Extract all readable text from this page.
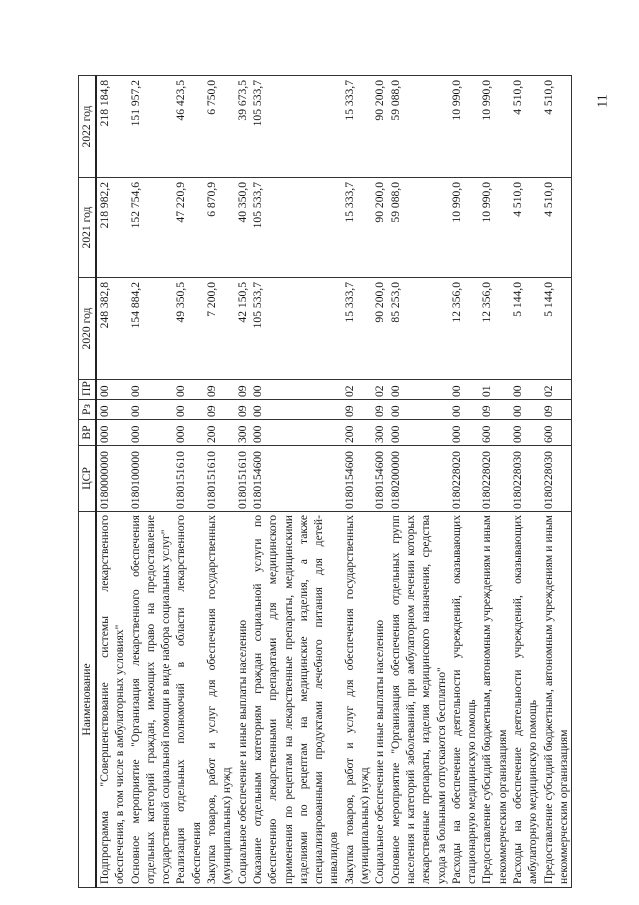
11
Наименование	ЦСР	ВР	Рз	ПР	2020 год	2021 год	2022 год
Подпрограмма "Совершенствование системы лекарственного обеспечения, в том числе в амбулаторных условиях"	0180000000	000	00	00	248 382,8	218 982,2	218 184,8
Основное мероприятие "Организация лекарственного обеспечения отдельных категорий граждан, имеющих право на предоставление государственной социальной помощи в виде набора социальных услуг"	0180100000	000	00	00	154 884,2	152 754,6	151 957,2
Реализация отдельных полномочий в области лекарственного обеспечения	0180151610	000	00	00	49 350,5	47 220,9	46 423,5
Закупка товаров, работ и услуг для обеспечения государственных (муниципальных) нужд	0180151610	200	09	09	7 200,0	6 870,9	6 750,0
Социальное обеспечение и иные выплаты населению	0180151610	300	09	09	42 150,5	40 350,0	39 673,5
Оказание отдельным категориям граждан социальной услуги по обеспечению лекарственными препаратами для медицинского применения по рецептам на лекарственные препараты, медицинскими изделиями по рецептам на медицинские изделия, а также специализированными продуктами лечебного питания для детей-инвалидов	0180154600	000	00	00	105 533,7	105 533,7	105 533,7
Закупка товаров, работ и услуг для обеспечения государственных (муниципальных) нужд	0180154600	200	09	02	15 333,7	15 333,7	15 333,7
Социальное обеспечение и иные выплаты населению	0180154600	300	09	02	90 200,0	90 200,0	90 200,0
Основное мероприятие "Организация обеспечения отдельных групп населения и категорий заболеваний, при амбулаторном лечении которых лекарственные препараты, изделия медицинского назначения, средства ухода за больными отпускаются бесплатно"	0180200000	000	00	00	85 253,0	59 088,0	59 088,0
Расходы на обеспечение деятельности учреждений, оказывающих стационарную медицинскую помощь	0180228020	000	00	00	12 356,0	10 990,0	10 990,0
Предоставление субсидий бюджетным, автономным учреждениям и иным некоммерческим организациям	0180228020	600	09	01	12 356,0	10 990,0	10 990,0
Расходы на обеспечение деятельности учреждений, оказывающих амбулаторную медицинскую помощь	0180228030	000	00	00	5 144,0	4 510,0	4 510,0
Предоставление субсидий бюджетным, автономным учреждениям и иным некоммерческим организациям	0180228030	600	09	02	5 144,0	4 510,0	4 510,0
